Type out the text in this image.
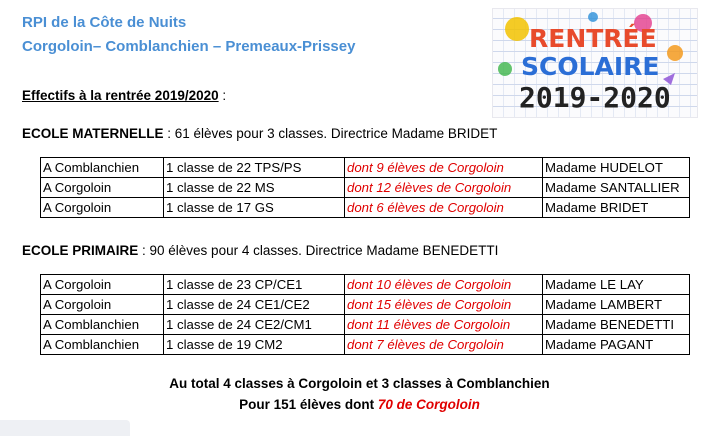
RPI de la Côte de Nuits
Corgoloin– Comblanchien – Premeaux-Prissey
Effectifs à la rentrée 2019/2020 :
RENTRÉE
SCOLAIRE
2019-2020
ECOLE MATERNELLE : 61 élèves pour 3 classes. Directrice Madame BRIDET
A Comblanchien	1 classe de 22 TPS/PS	dont 9 élèves de Corgoloin	Madame HUDELOT
A Corgoloin	1 classe de 22 MS	dont 12 élèves de Corgoloin	Madame SANTALLIER
A Corgoloin	1 classe de 17 GS	dont 6 élèves de Corgoloin	Madame BRIDET
ECOLE PRIMAIRE : 90 élèves pour 4 classes. Directrice Madame BENEDETTI
A Corgoloin	1 classe de 23 CP/CE1	dont 10 élèves de Corgoloin	Madame LE LAY
A Corgoloin	1 classe de 24 CE1/CE2	dont 15 élèves de Corgoloin	Madame LAMBERT
A Comblanchien	1 classe de 24 CE2/CM1	dont 11 élèves de Corgoloin	Madame BENEDETTI
A Comblanchien	1 classe de 19 CM2	dont 7 élèves de Corgoloin	Madame PAGANT
Au total 4 classes à Corgoloin et 3 classes à Comblanchien
Pour 151 élèves dont 70 de Corgoloin
